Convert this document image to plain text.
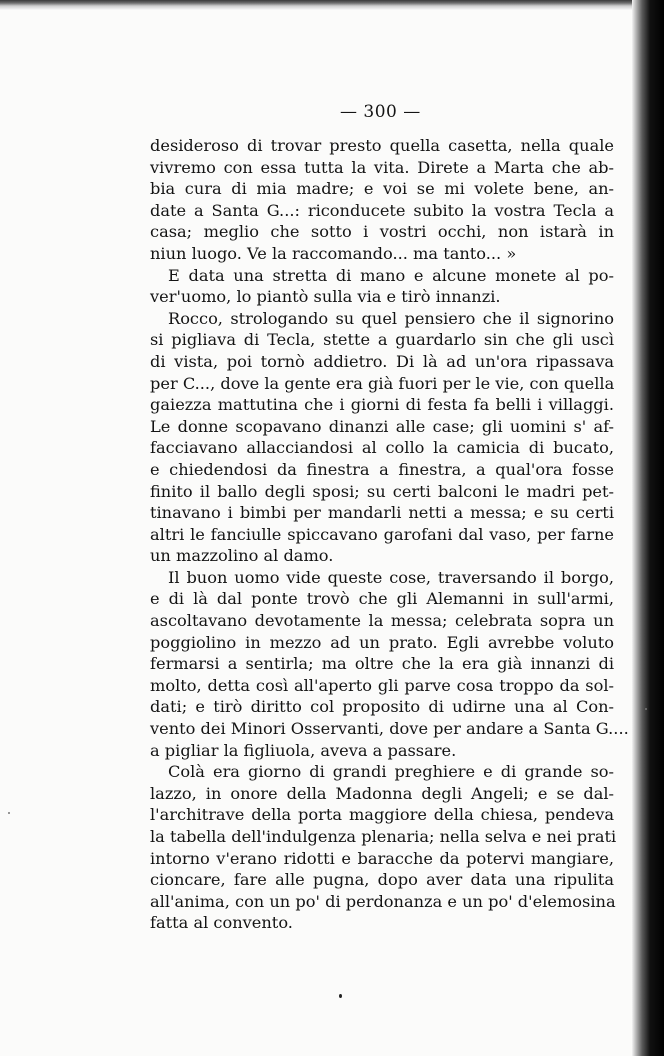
— 300 —

desideroso di trovar presto quella casetta, nella quale
vivremo con essa tutta la vita. Direte a Marta che ab-
bia cura di mia madre; e voi se mi volete bene, an-
date a Santa G...: riconducete subito la vostra Tecla a
casa; meglio che sotto i vostri occhi, non istarà in
niun luogo. Ve la raccomando... ma tanto... »

E data una stretta di mano e alcune monete al po-
ver'uomo, lo piantò sulla via e tirò innanzi.

Rocco, strologando su quel pensiero che il signorino
si pigliava di Tecla, stette a guardarlo sin che gli uscì
di vista, poi tornò addietro. Di là ad un'ora ripassava
per C..., dove la gente era già fuori per le vie, con quella
gaiezza mattutina che i giorni di festa fa belli i villaggi.
Le donne scopavano dinanzi alle case; gli uomini s' af-
facciavano allacciandosi al collo la camicia di bucato,
e chiedendosi da finestra a finestra, a qual'ora fosse
finito il ballo degli sposi; su certi balconi le madri pet-
tinavano i bimbi per mandarli netti a messa; e su certi
altri le fanciulle spiccavano garofani dal vaso, per farne
un mazzolino al damo.

Il buon uomo vide queste cose, traversando il borgo,
e di là dal ponte trovò che gli Alemanni in sull'armi,
ascoltavano devotamente la messa; celebrata sopra un
poggiolino in mezzo ad un prato. Egli avrebbe voluto
fermarsi a sentirla; ma oltre che la era già innanzi di
molto, detta così all'aperto gli parve cosa troppo da sol-
dati; e tirò diritto col proposito di udirne una al Con-
vento dei Minori Osservanti, dove per andare a Santa G....
a pigliar la figliuola, aveva a passare.

Colà era giorno di grandi preghiere e di grande so-
lazzo, in onore della Madonna degli Angeli; e se dal-
l'architrave della porta maggiore della chiesa, pendeva
la tabella dell'indulgenza plenaria; nella selva e nei prati
intorno v'erano ridotti e baracche da potervi mangiare,
cioncare, fare alle pugna, dopo aver data una ripulita
all'anima, con un po' di perdonanza e un po' d'elemosina
fatta al convento.
